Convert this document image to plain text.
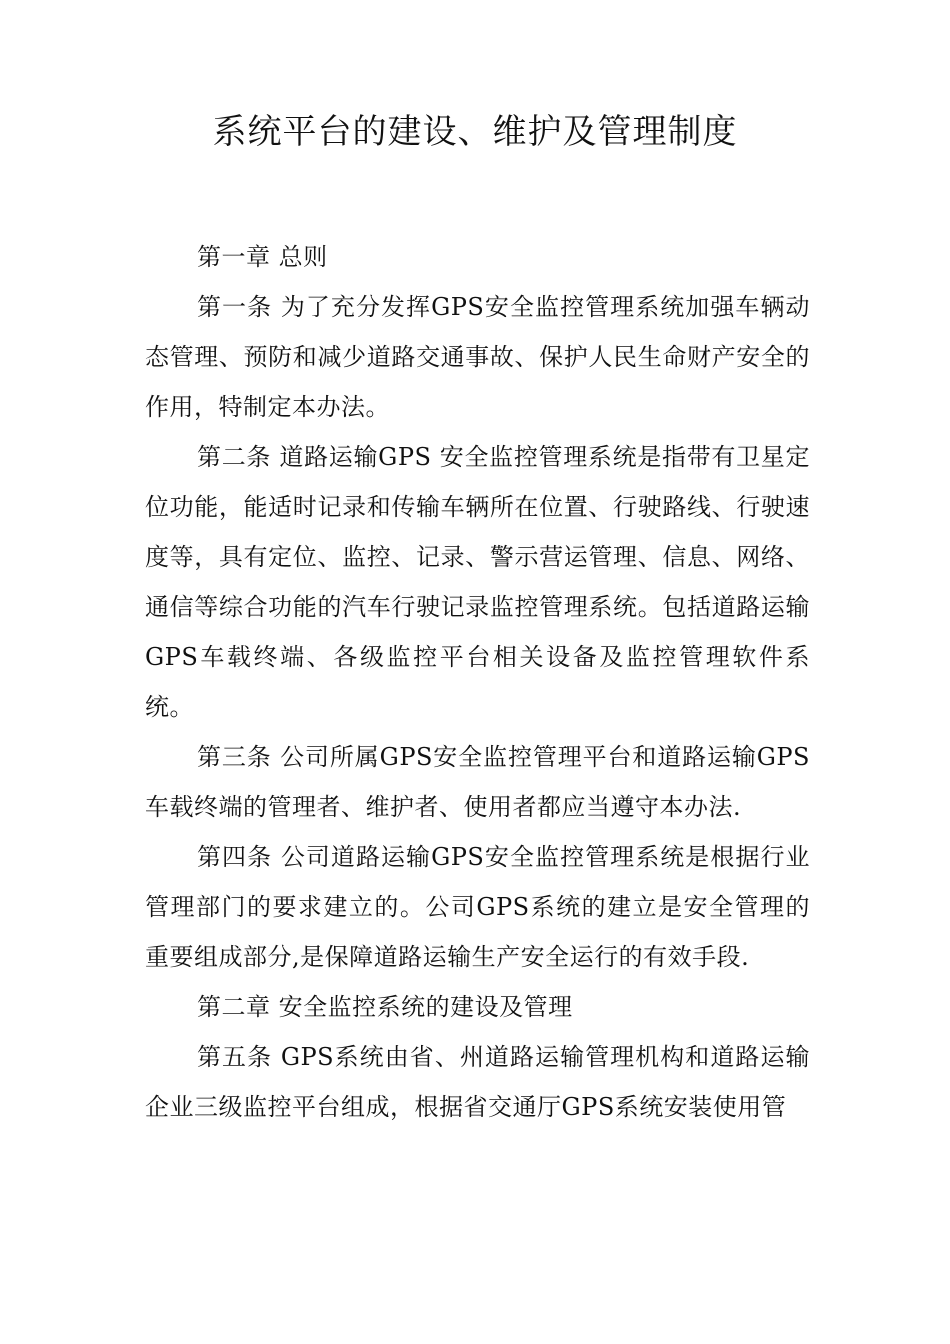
系统平台的建设、维护及管理制度

第一章 总则

第一条 为了充分发挥GPS安全监控管理系统加强车辆动态管理、预防和减少道路交通事故、保护人民生命财产安全的作用，特制定本办法。

第二条 道路运输GPS 安全监控管理系统是指带有卫星定位功能，能适时记录和传输车辆所在位置、行驶路线、行驶速度等，具有定位、监控、记录、警示营运管理、信息、网络、通信等综合功能的汽车行驶记录监控管理系统。包括道路运输GPS车载终端、各级监控平台相关设备及监控管理软件系统。

第三条 公司所属GPS安全监控管理平台和道路运输GPS车载终端的管理者、维护者、使用者都应当遵守本办法.

第四条 公司道路运输GPS安全监控管理系统是根据行业管理部门的要求建立的。公司GPS系统的建立是安全管理的重要组成部分,是保障道路运输生产安全运行的有效手段.

第二章 安全监控系统的建设及管理

第五条 GPS系统由省、州道路运输管理机构和道路运输企业三级监控平台组成，根据省交通厅GPS系统安装使用管
